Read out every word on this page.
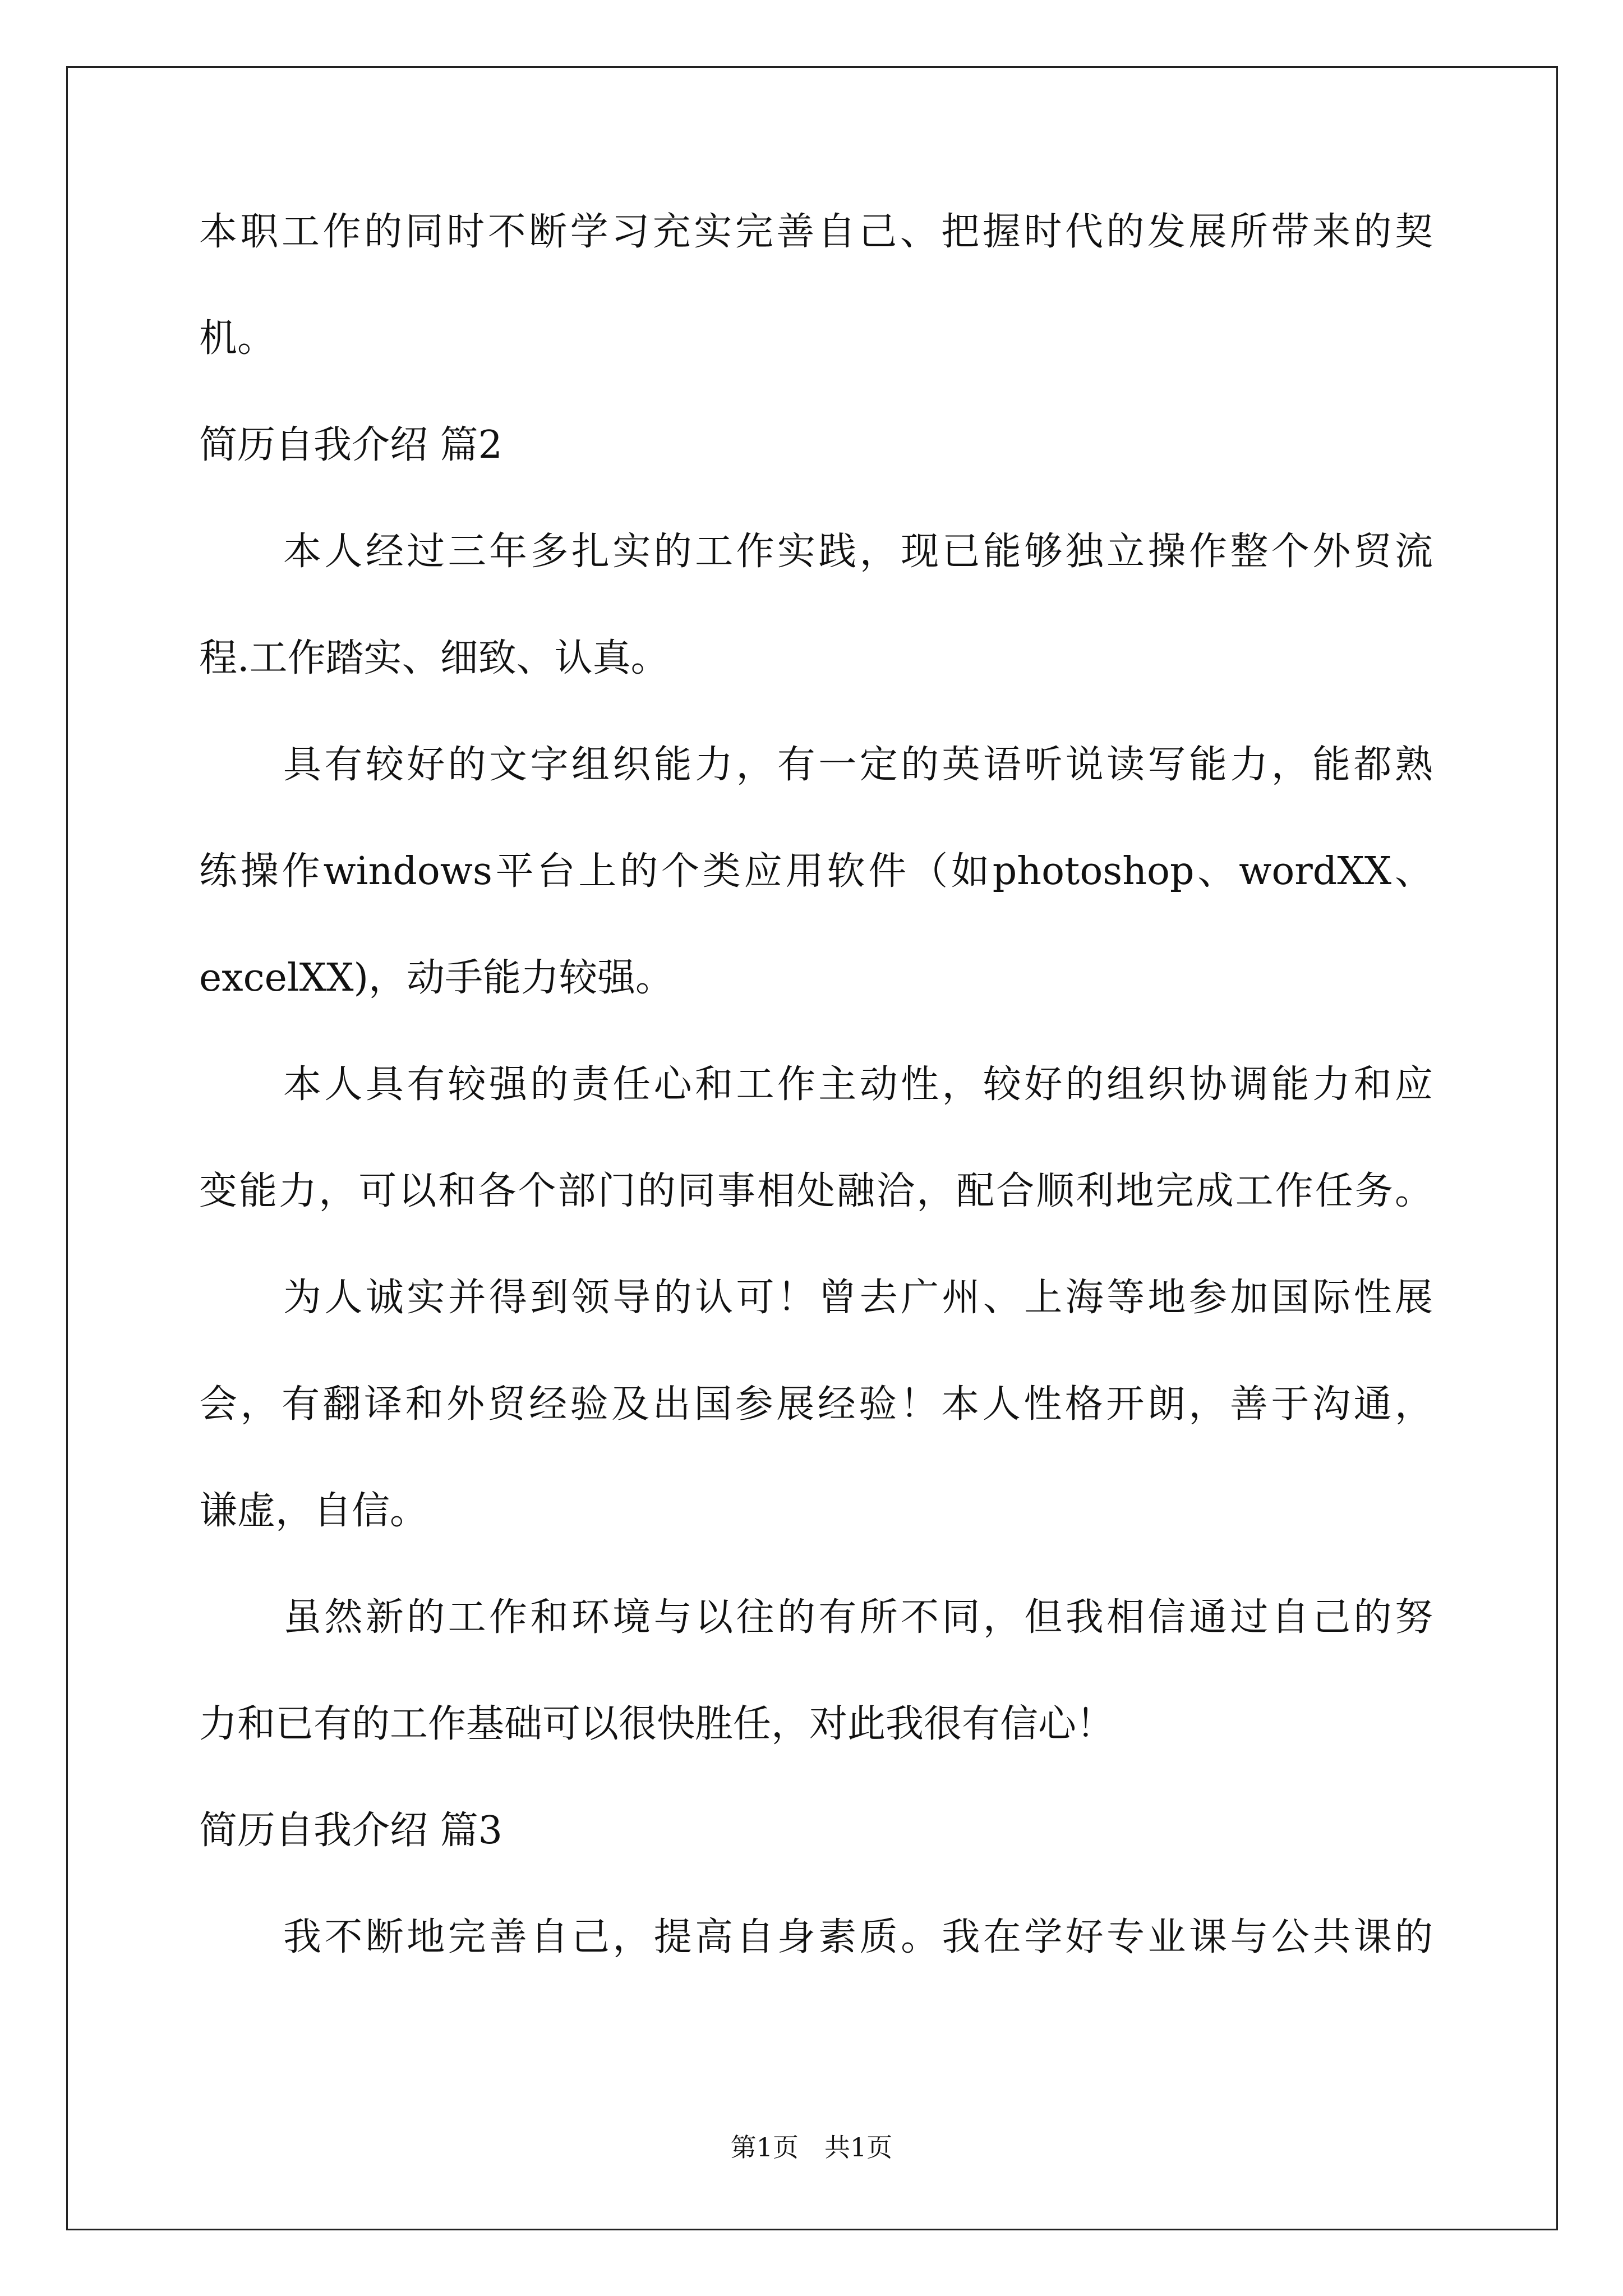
本职工作的同时不断学习充实完善自己、把握时代的发展所带来的契
机。
简历自我介绍 篇2
本人经过三年多扎实的工作实践，现已能够独立操作整个外贸流
程.工作踏实、细致、认真。
具有较好的文字组织能力，有一定的英语听说读写能力，能都熟
练操作windows平台上的个类应用软件（如photoshop、wordXX、
excelXX)，动手能力较强。
本人具有较强的责任心和工作主动性，较好的组织协调能力和应
变能力，可以和各个部门的同事相处融洽，配合顺利地完成工作任务。
为人诚实并得到领导的认可！曾去广州、上海等地参加国际性展
会，有翻译和外贸经验及出国参展经验！本人性格开朗，善于沟通，
谦虚，自信。
虽然新的工作和环境与以往的有所不同，但我相信通过自己的努
力和已有的工作基础可以很快胜任，对此我很有信心！
简历自我介绍 篇3
我不断地完善自己，提高自身素质。我在学好专业课与公共课的
第1页　共1页
